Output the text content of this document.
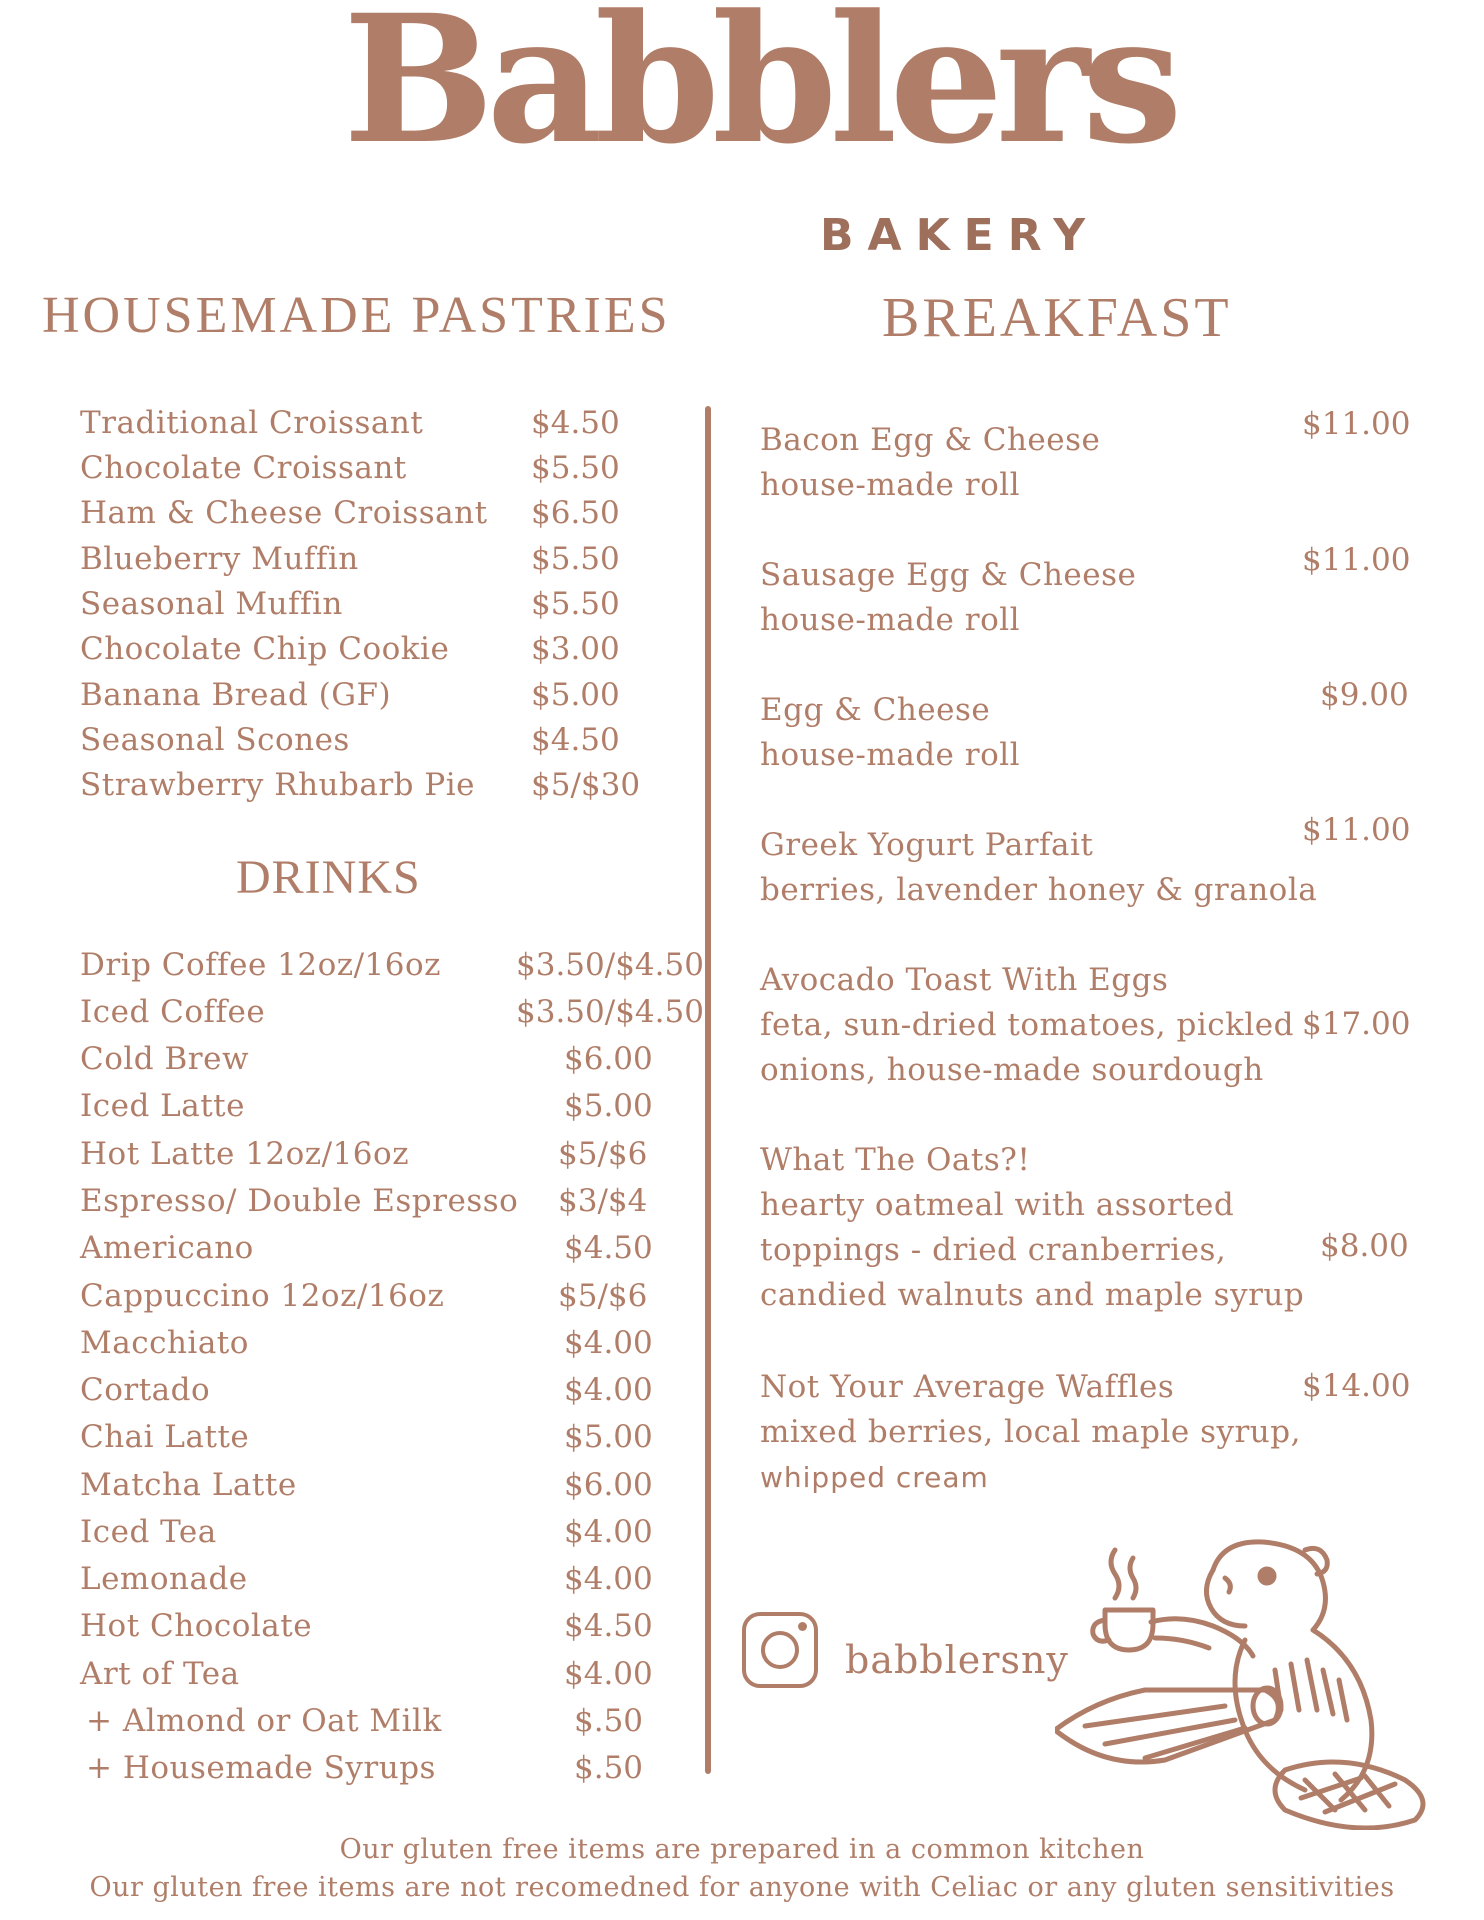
Babblers
BAKERY
HOUSEMADE PASTRIES	BREAKFAST
Traditional Croissant	$4.50
Chocolate Croissant	$5.50
Ham & Cheese Croissant $6.50
Blueberry Muffin	$5.50
Seasonal Muffin	$5.50
Chocolate Chip Cookie	$3.00
Banana Bread (GF)	$5.00
Seasonal Scones	$4.50
Strawberry Rhubarb Pie $5/$30
DRINKS
Drip Coffee 12oz/16oz $3.50/$4.50
Iced Coffee	$3.50/$4.50
Cold Brew	$6.00
Iced Latte	$5.00
Hot Latte 12oz/16oz	$5/$6
Espresso/ Double Espresso $3/$4
Americano	$4.50
Cappuccino 12oz/16oz	$5/$6
Macchiato	$4.00
Cortado	$4.00
Chai Latte	$5.00
Matcha Latte	$6.00
Iced Tea	$4.00
Lemonade	$4.00
Hot Chocolate	$4.50
Art of Tea	$4.00
+ Almond or Oat Milk	$.50
+ Housemade Syrups	$.50
Bacon Egg & Cheese
house-made roll
$11.00
Sausage Egg & Cheese
house-made roll
$11.00
Egg & Cheese
house-made roll
$9.00
Greek Yogurt Parfait
berries, lavender honey & granola
$11.00
Avocado Toast With Eggs
feta, sun-dried tomatoes, pickled
onions, house-made sourdough
$17.00
What The Oats?!
hearty oatmeal with assorted
toppings - dried cranberries,
candied walnuts and maple syrup
$8.00
Not Your Average Waffles
mixed berries, local maple syrup,
whipped cream
$14.00
babblersny
Our gluten free items are prepared in a common kitchen
Our gluten free items are not recomedned for anyone with Celiac or any gluten sensitivities
